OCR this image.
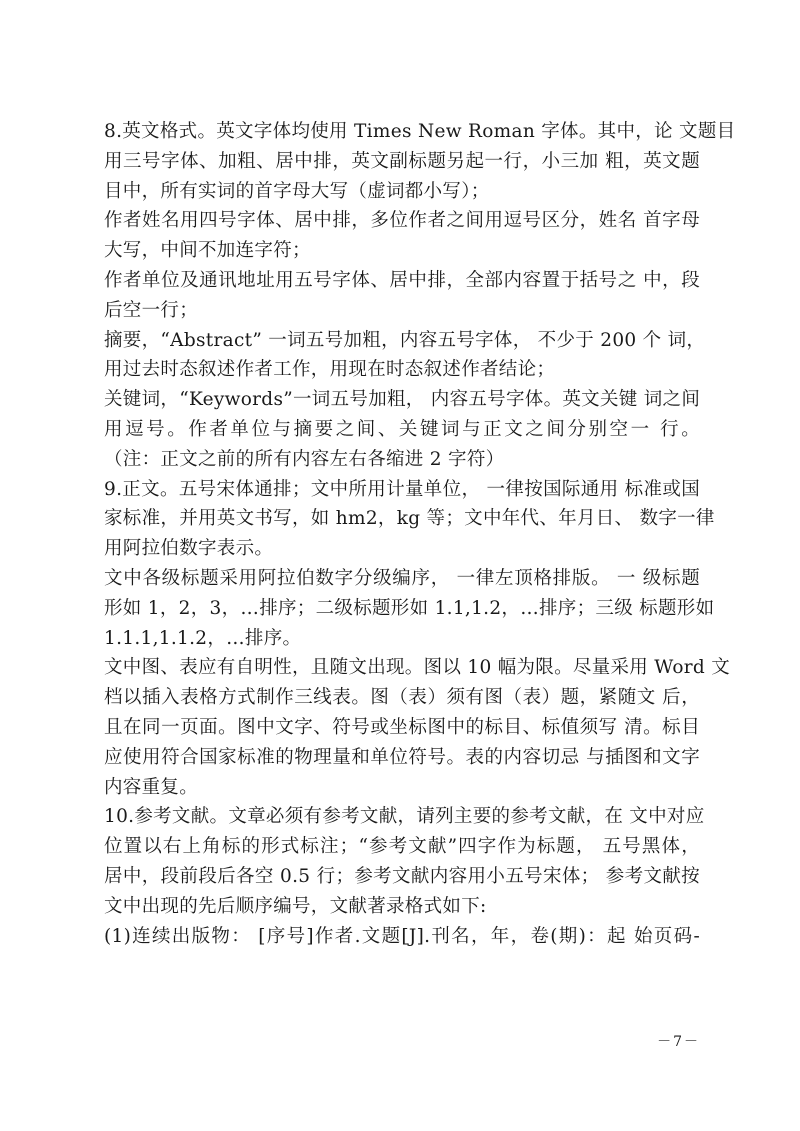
8.英文格式。英文字体均使用 Times New Roman 字体。其中，论 文题目
用三号字体、加粗、居中排，英文副标题另起一行，小三加 粗，英文题
目中，所有实词的首字母大写（虚词都小写）；
作者姓名用四号字体、居中排，多位作者之间用逗号区分，姓名 首字母
大写，中间不加连字符；
作者单位及通讯地址用五号字体、居中排，全部内容置于括号之 中，段
后空一行；
摘要，“Abstract” 一词五号加粗，内容五号字体， 不少于 200 个 词，
用过去时态叙述作者工作，用现在时态叙述作者结论；
关键词，“Keywords”一词五号加粗， 内容五号字体。英文关键 词之间
用逗号。作者单位与摘要之间、关键词与正文之间分别空一 行。
（注：正文之前的所有内容左右各缩进 2 字符）
9.正文。五号宋体通排；文中所用计量单位， 一律按国际通用 标准或国
家标准，并用英文书写，如 hm2，kg 等；文中年代、年月日、 数字一律
用阿拉伯数字表示。
文中各级标题采用阿拉伯数字分级编序， 一律左顶格排版。 一 级标题
形如 1，2，3，…排序；二级标题形如 1.1,1.2，…排序；三级 标题形如
1.1.1,1.1.2，…排序。
文中图、表应有自明性，且随文出现。图以 10 幅为限。尽量采用 Word 文
档以插入表格方式制作三线表。图（表）须有图（表）题，紧随文 后，
且在同一页面。图中文字、符号或坐标图中的标目、标值须写 清。标目
应使用符合国家标准的物理量和单位符号。表的内容切忌 与插图和文字
内容重复。
10.参考文献。文章必须有参考文献，请列主要的参考文献，在 文中对应
位置以右上角标的形式标注；“参考文献”四字作为标题， 五号黑体，
居中，段前段后各空 0.5 行；参考文献内容用小五号宋体； 参考文献按
文中出现的先后顺序编号，文献著录格式如下:
(1)连续出版物： [序号]作者.文题[J].刊名，年，卷(期)：起 始页码-
－7－
